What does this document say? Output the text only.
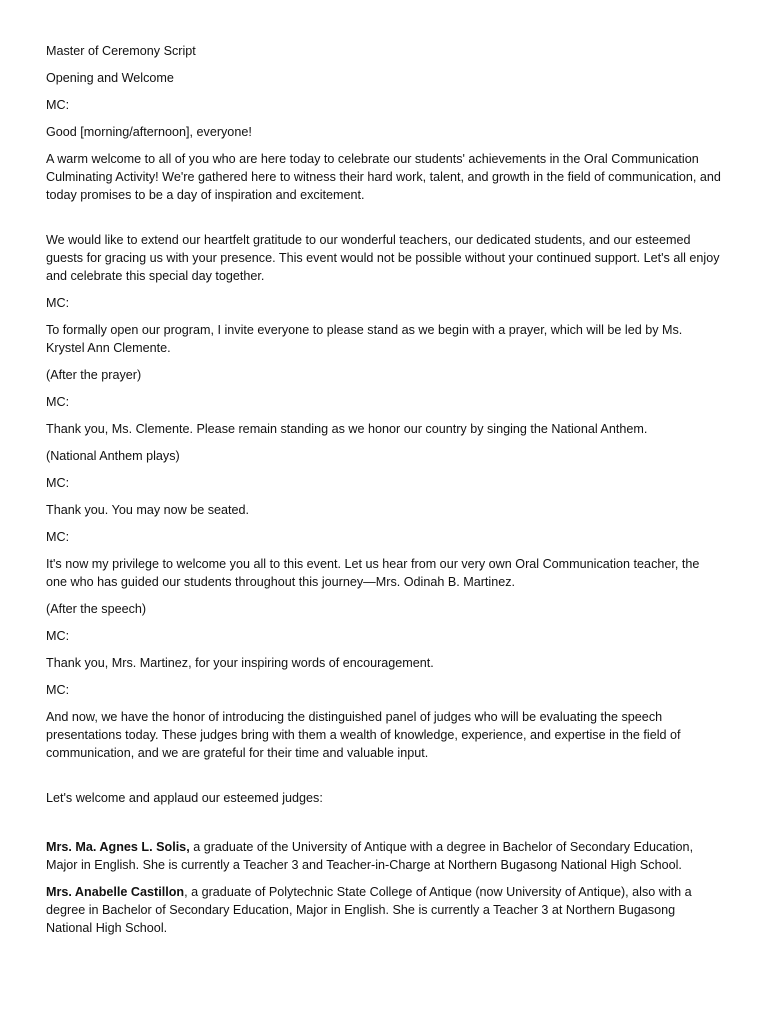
Master of Ceremony Script

Opening and Welcome

MC:

Good [morning/afternoon], everyone!

A warm welcome to all of you who are here today to celebrate our students' achievements in the Oral Communication Culminating Activity! We're gathered here to witness their hard work, talent, and growth in the field of communication, and today promises to be a day of inspiration and excitement.

We would like to extend our heartfelt gratitude to our wonderful teachers, our dedicated students, and our esteemed guests for gracing us with your presence. This event would not be possible without your continued support. Let's all enjoy and celebrate this special day together.

MC:

To formally open our program, I invite everyone to please stand as we begin with a prayer, which will be led by Ms. Krystel Ann Clemente.

(After the prayer)

MC:

Thank you, Ms. Clemente. Please remain standing as we honor our country by singing the National Anthem.

(National Anthem plays)

MC:

Thank you. You may now be seated.

MC:

It's now my privilege to welcome you all to this event. Let us hear from our very own Oral Communication teacher, the one who has guided our students throughout this journey—Mrs. Odinah B. Martinez.

(After the speech)

MC:

Thank you, Mrs. Martinez, for your inspiring words of encouragement.

MC:

And now, we have the honor of introducing the distinguished panel of judges who will be evaluating the speech presentations today. These judges bring with them a wealth of knowledge, experience, and expertise in the field of communication, and we are grateful for their time and valuable input.

Let's welcome and applaud our esteemed judges:

Mrs. Ma. Agnes L. Solis, a graduate of the University of Antique with a degree in Bachelor of Secondary Education, Major in English. She is currently a Teacher 3 and Teacher-in-Charge at Northern Bugasong National High School.

Mrs. Anabelle Castillon, a graduate of Polytechnic State College of Antique (now University of Antique), also with a degree in Bachelor of Secondary Education, Major in English. She is currently a Teacher 3 at Northern Bugasong National High School.
